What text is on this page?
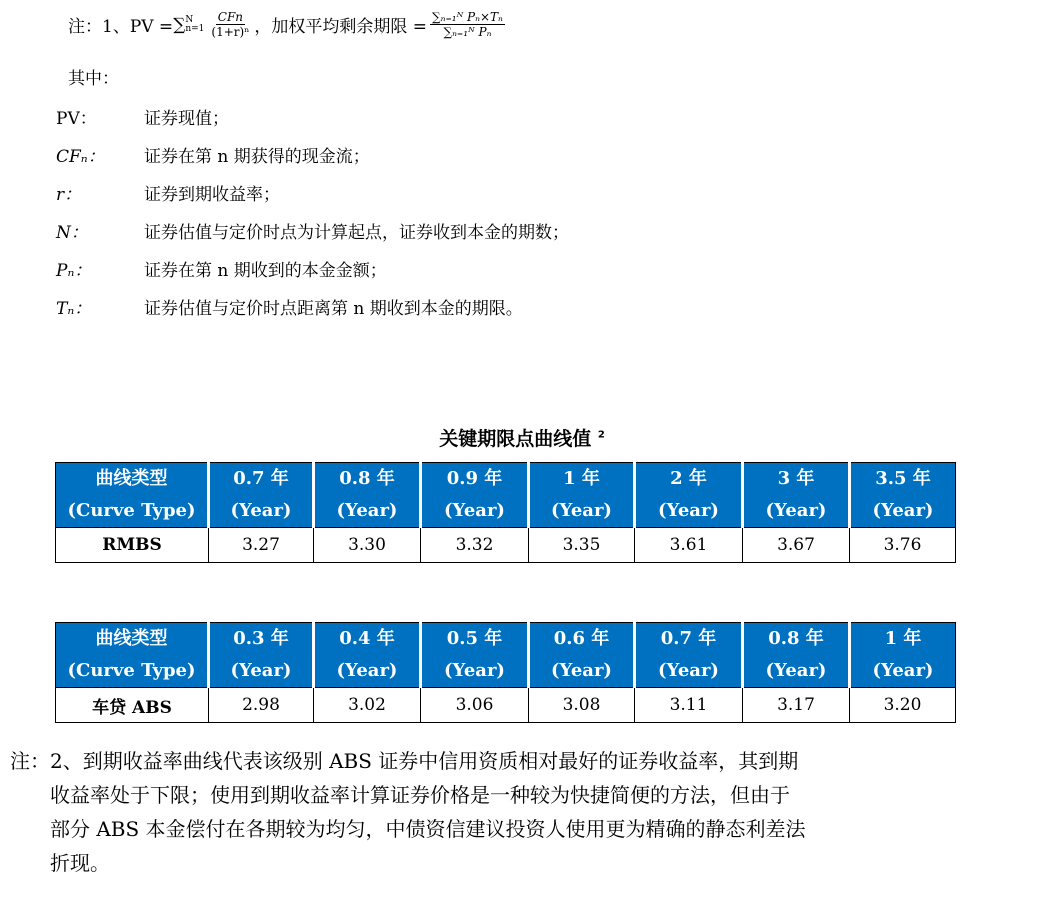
注：1、PV = ∑ N
$n=1 \frac{\text{CFn}}{\text{(1+r)ⁿ}}$ ，加权平均剩余期限 = $\frac{\text{∑ₙ₌₁ᴺ Pₙ×Tₙ}}{\text{∑ₙ₌₁ᴺ Pₙ}}$
其中：
PV：	证券现值；
CFₙ：	证券在第 n 期获得的现金流；
r：	证券到期收益率；
N：	证券估值与定价时点为计算起点，证券收到本金的期数；
Pₙ：	证券在第 n 期收到的本金金额；
Tₙ：	证券估值与定价时点距离第 n 期收到本金的期限。
关键期限点曲线值 $^2$
曲线类型	0.7 年	0.8 年	0.9 年	1 年	2 年	3 年	3.5 年
(Curve Type)	(Year)	(Year)	(Year)	(Year)	(Year)	(Year)	(Year)
RMBS	3.27	3.30	3.32	3.35	3.61	3.67	3.76
曲线类型	0.3 年	0.4 年	0.5 年	0.6 年	0.7 年	0.8 年	1 年
(Curve Type)	(Year)	(Year)	(Year)	(Year)	(Year)	(Year)	(Year)
车贷 ABS	2.98	3.02	3.06	3.08	3.11	3.17	3.20
注：2、到期收益率曲线代表该级别 ABS 证券中信用资质相对最好的证券收益率，其到期
收益率处于下限；使用到期收益率计算证券价格是一种较为快捷简便的方法，但由于
部分 ABS 本金偿付在各期较为均匀，中债资信建议投资人使用更为精确的静态利差法
折现。
